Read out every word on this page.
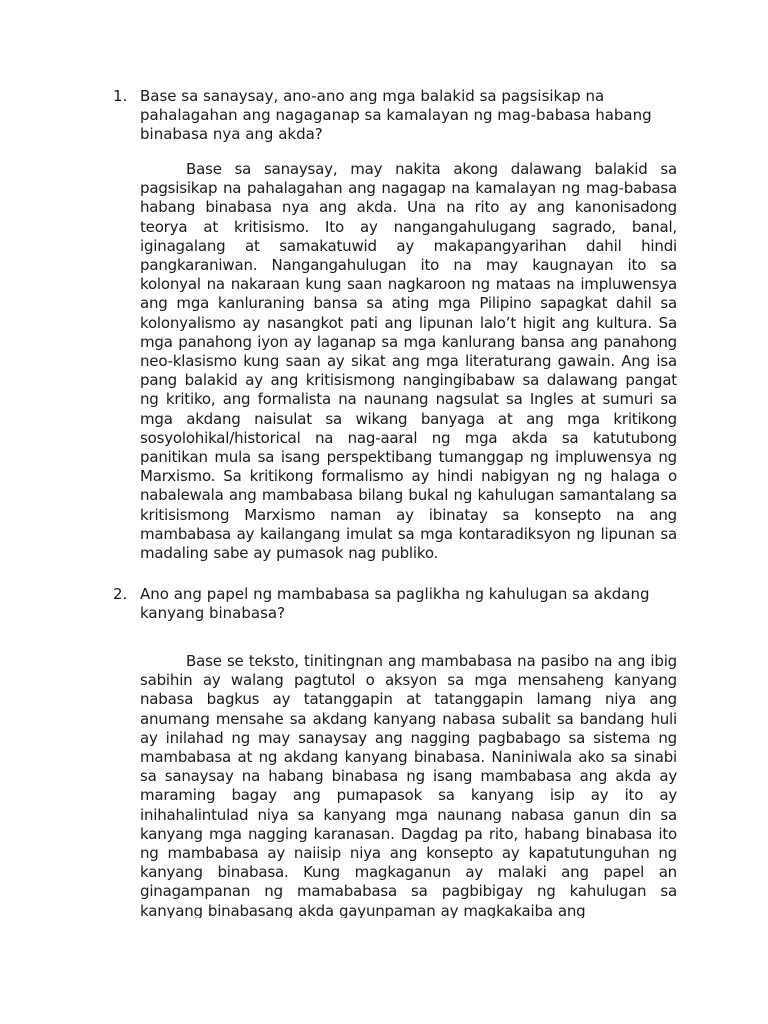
1. Base sa sanaysay, ano-ano ang mga balakid sa pagsisikap na pahalagahan ang nagaganap sa kamalayan ng mag-babasa habang binabasa nya ang akda?
Base sa sanaysay, may nakita akong dalawang balakid sa pagsisikap na pahalagahan ang nagagap na kamalayan ng mag-babasa habang binabasa nya ang akda. Una na rito ay ang kanonisadong teorya at kritisismo. Ito ay nangangahulugang sagrado, banal, iginagalang at samakatuwid ay makapangyarihan dahil hindi pangkaraniwan. Nangangahulugan ito na may kaugnayan ito sa kolonyal na nakaraan kung saan nagkaroon ng mataas na impluwensya ang mga kanluraning bansa sa ating mga Pilipino sapagkat dahil sa kolonyalismo ay nasangkot pati ang lipunan lalo’t higit ang kultura. Sa mga panahong iyon ay laganap sa mga kanlurang bansa ang panahong neo-klasismo kung saan ay sikat ang mga literaturang gawain. Ang isa pang balakid ay ang kritisismong nangingibabaw sa dalawang pangat ng kritiko, ang formalista na naunang nagsulat sa Ingles at sumuri sa mga akdang naisulat sa wikang banyaga at ang mga kritikong sosyolohikal/historical na nag-aaral ng mga akda sa katutubong panitikan mula sa isang perspektibang tumanggap ng impluwensya ng Marxismo. Sa kritikong formalismo ay hindi nabigyan ng ng halaga o nabalewala ang mambabasa bilang bukal ng kahulugan samantalang sa kritisismong Marxismo naman ay ibinatay sa konsepto na ang mambabasa ay kailangang imulat sa mga kontaradiksyon ng lipunan sa madaling sabe ay pumasok nag publiko.
2. Ano ang papel ng mambabasa sa paglikha ng kahulugan sa akdang kanyang binabasa?
Base se teksto, tinitingnan ang mambabasa na pasibo na ang ibig sabihin ay walang pagtutol o aksyon sa mga mensaheng kanyang nabasa bagkus ay tatanggapin at tatanggapin lamang niya ang anumang mensahe sa akdang kanyang nabasa subalit sa bandang huli ay inilahad ng may sanaysay ang nagging pagbabago sa sistema ng mambabasa at ng akdang kanyang binabasa. Naniniwala ako sa sinabi sa sanaysay na habang binabasa ng isang mambabasa ang akda ay maraming bagay ang pumapasok sa kanyang isip ay ito ay inihahalintulad niya sa kanyang mga naunang nabasa ganun din sa kanyang mga nagging karanasan. Dagdag pa rito, habang binabasa ito ng mambabasa ay naiisip niya ang konsepto ay kapatutunguhan ng kanyang binabasa. Kung magkaganun ay malaki ang papel an ginagampanan ng mamababasa sa pagbibigay ng kahulugan sa kanyang binabasang akda gayunpaman ay magkakaiba ang
